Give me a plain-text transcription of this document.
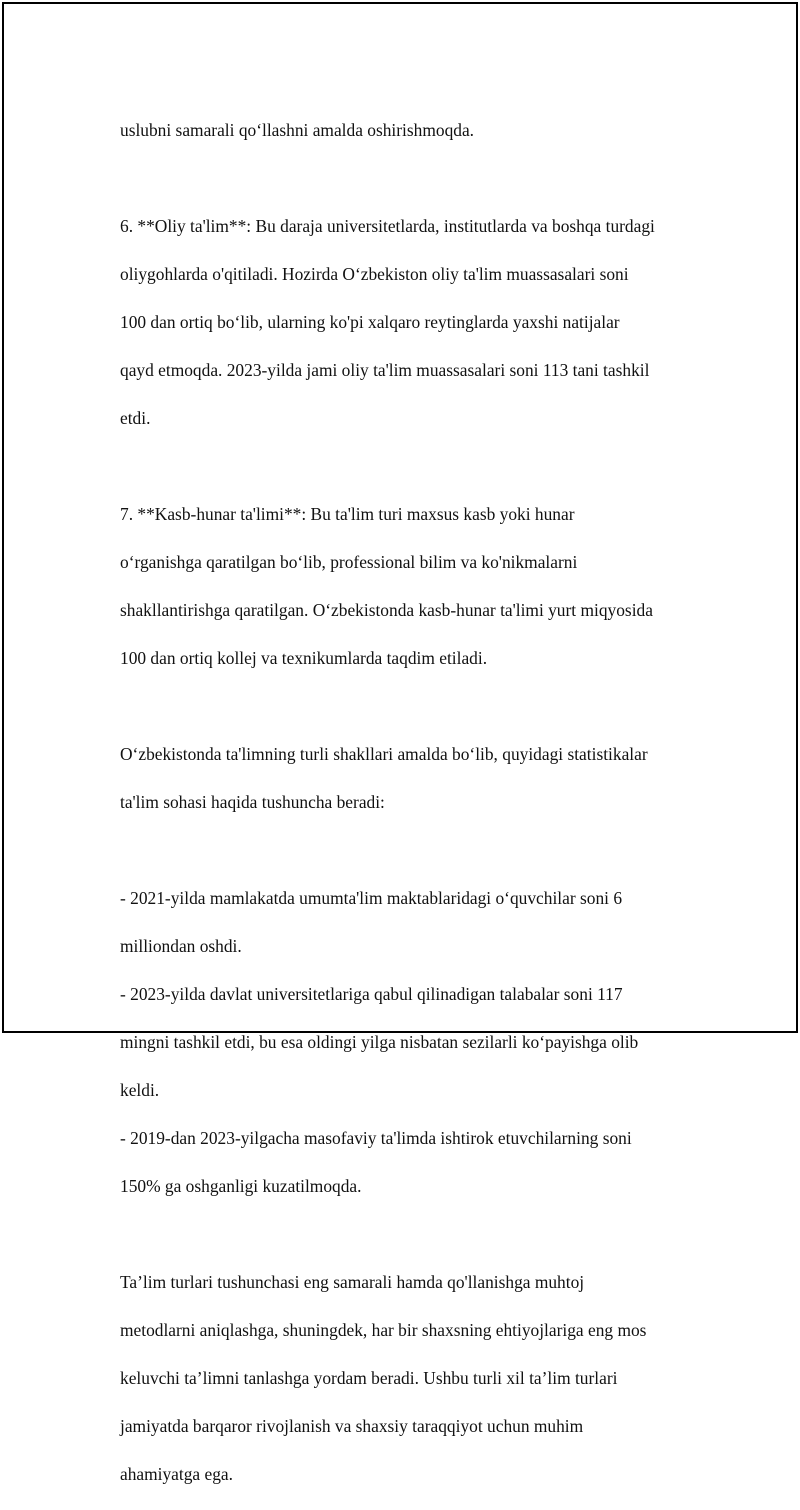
uslubni samarali qo‘llashni amalda oshirishmoqda.

6. **Oliy ta'lim**: Bu daraja universitetlarda, institutlarda va boshqa turdagi

oliygohlarda o'qitiladi. Hozirda O‘zbekiston oliy ta'lim muassasalari soni

100 dan ortiq bo‘lib, ularning ko'pi xalqaro reytinglarda yaxshi natijalar

qayd etmoqda. 2023-yilda jami oliy ta'lim muassasalari soni 113 tani tashkil

etdi.

7. **Kasb-hunar ta'limi**: Bu ta'lim turi maxsus kasb yoki hunar

o‘rganishga qaratilgan bo‘lib, professional bilim va ko'nikmalarni

shakllantirishga qaratilgan. O‘zbekistonda kasb-hunar ta'limi yurt miqyosida

100 dan ortiq kollej va texnikumlarda taqdim etiladi.

O‘zbekistonda ta'limning turli shakllari amalda bo‘lib, quyidagi statistikalar

ta'lim sohasi haqida tushuncha beradi:

- 2021-yilda mamlakatda umumta'lim maktablaridagi o‘quvchilar soni 6

milliondan oshdi.

- 2023-yilda davlat universitetlariga qabul qilinadigan talabalar soni 117

mingni tashkil etdi, bu esa oldingi yilga nisbatan sezilarli ko‘payishga olib

keldi.

- 2019-dan 2023-yilgacha masofaviy ta'limda ishtirok etuvchilarning soni

150% ga oshganligi kuzatilmoqda.

Ta’lim turlari tushunchasi eng samarali hamda qo'llanishga muhtoj

metodlarni aniqlashga, shuningdek, har bir shaxsning ehtiyojlariga eng mos

keluvchi ta’limni tanlashga yordam beradi. Ushbu turli xil ta’lim turlari

jamiyatda barqaror rivojlanish va shaxsiy taraqqiyot uchun muhim

ahamiyatga ega.
